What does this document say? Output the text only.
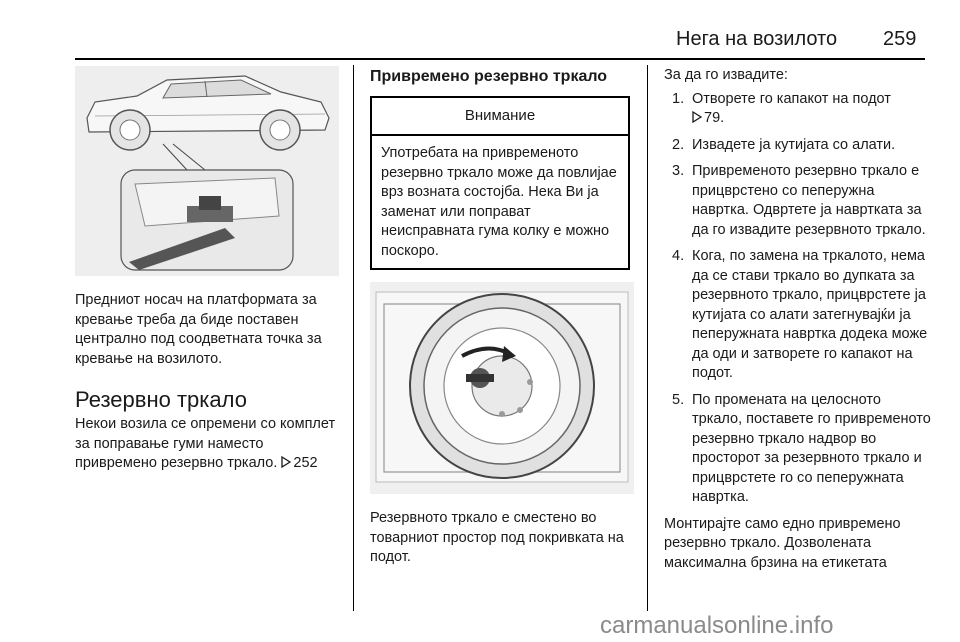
Нега на возилото 259

Предниот носач на платформата за кревање треба да биде поставен централно под соодветната точка за кревање на возилото.

Резервно тркало

Некои возила се опремени со комплет за поправање гуми наместо привремено резервно тркало. 252

Привремено резервно тркало
Внимание
Употребата на привременото резервно тркало може да повлијае врз возната состојба. Нека Ви ја заменат или поправат неисправната гума колку е можно поскоро.

Резервното тркало е сместено во товарниот простор под покривката на подот.

За да го извадите:

1. Отворете го капакот на подот
79.
2. Извадете ја кутијата со алати.
3. Привременото резервно тркало е прицврстено со пеперужна навртка. Одвртете ја навртката за да го извадите резервното тркало.
4. Кога, по замена на тркалото, нема да се стави тркало во дупката за резервното тркало, прицврстете ја кутијата со алати затегнувајќи ја пеперужната навртка додека може да оди и затворете го капакот на подот.
5. По промената на целосното тркало, поставете го привременото резервно тркало надвор во просторот за резервното тркало и прицврстете го со пеперужната навртка.

Монтирајте само едно привремено резервно тркало. Дозволената максимална брзина на етикетата

carmanualsonline.info
